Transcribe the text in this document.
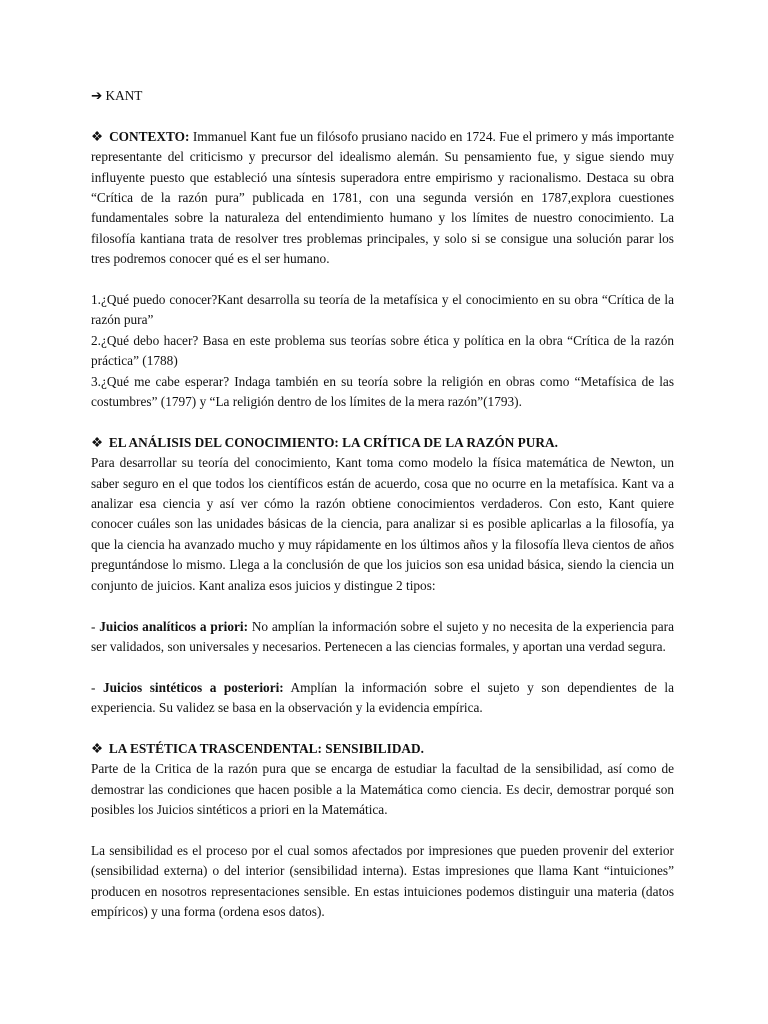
➔ KANT

❖ CONTEXTO: Immanuel Kant fue un filósofo prusiano nacido en 1724. Fue el primero y más importante representante del criticismo y precursor del idealismo alemán. Su pensamiento fue, y sigue siendo muy influyente puesto que estableció una síntesis superadora entre empirismo y racionalismo. Destaca su obra “Crítica de la razón pura” publicada en 1781, con una segunda versión en 1787,explora cuestiones fundamentales sobre la naturaleza del entendimiento humano y los límites de nuestro conocimiento. La filosofía kantiana trata de resolver tres problemas principales, y solo si se consigue una solución parar los tres podremos conocer qué es el ser humano.

1.¿Qué puedo conocer?Kant desarrolla su teoría de la metafísica y el conocimiento en su obra “Crítica de la razón pura”

2.¿Qué debo hacer? Basa en este problema sus teorías sobre ética y política en la obra “Crítica de la razón práctica” (1788)

3.¿Qué me cabe esperar? Indaga también en su teoría sobre la religión en obras como “Metafísica de las costumbres” (1797) y “La religión dentro de los límites de la mera razón”(1793).

❖ EL ANÁLISIS DEL CONOCIMIENTO: LA CRÍTICA DE LA RAZÓN PURA.

Para desarrollar su teoría del conocimiento, Kant toma como modelo la física matemática de Newton, un saber seguro en el que todos los científicos están de acuerdo, cosa que no ocurre en la metafísica. Kant va a analizar esa ciencia y así ver cómo la razón obtiene conocimientos verdaderos. Con esto, Kant quiere conocer cuáles son las unidades básicas de la ciencia, para analizar si es posible aplicarlas a la filosofía, ya que la ciencia ha avanzado mucho y muy rápidamente en los últimos años y la filosofía lleva cientos de años preguntándose lo mismo. Llega a la conclusión de que los juicios son esa unidad básica, siendo la ciencia un conjunto de juicios. Kant analiza esos juicios y distingue 2 tipos:

- Juicios analíticos a priori: No amplían la información sobre el sujeto y no necesita de la experiencia para ser validados, son universales y necesarios. Pertenecen a las ciencias formales, y aportan una verdad segura.

- Juicios sintéticos a posteriori: Amplían la información sobre el sujeto y son dependientes de la experiencia. Su validez se basa en la observación y la evidencia empírica.

❖ LA ESTÉTICA TRASCENDENTAL: SENSIBILIDAD.

Parte de la Critica de la razón pura que se encarga de estudiar la facultad de la sensibilidad, así como de demostrar las condiciones que hacen posible a la Matemática como ciencia. Es decir, demostrar porqué son posibles los Juicios sintéticos a priori en la Matemática.

La sensibilidad es el proceso por el cual somos afectados por impresiones que pueden provenir del exterior (sensibilidad externa) o del interior (sensibilidad interna). Estas impresiones que llama Kant “intuiciones” producen en nosotros representaciones sensible. En estas intuiciones podemos distinguir una materia (datos empíricos) y una forma (ordena esos datos).
